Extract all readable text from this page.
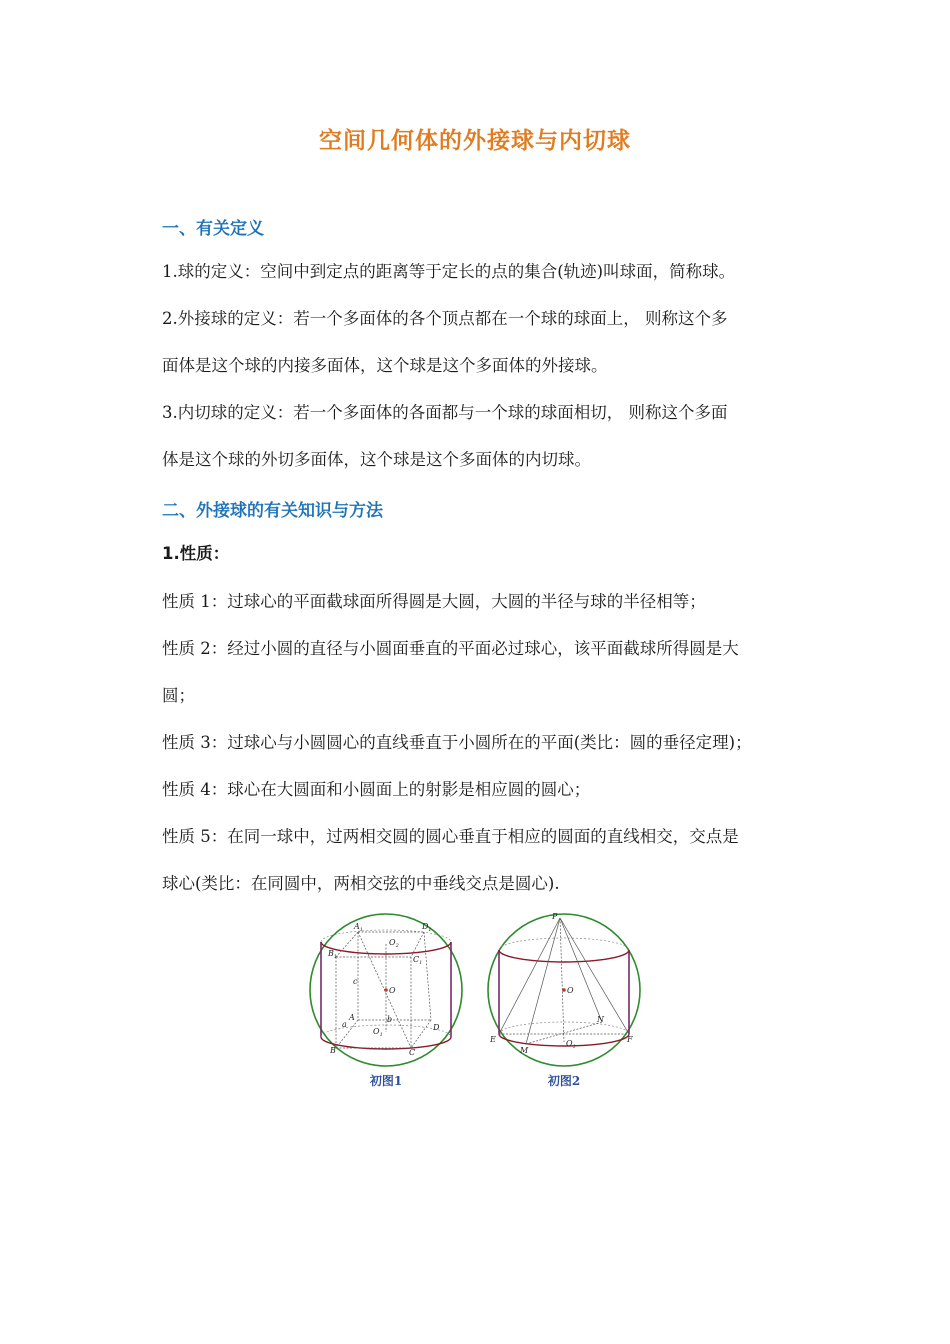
空间几何体的外接球与内切球
一、有关定义
1.球的定义：空间中到定点的距离等于定长的点的集合(轨迹)叫球面，简称球。
2.外接球的定义：若一个多面体的各个顶点都在一个球的球面上， 则称这个多
面体是这个球的内接多面体，这个球是这个多面体的外接球。
3.内切球的定义：若一个多面体的各面都与一个球的球面相切， 则称这个多面
体是这个球的外切多面体，这个球是这个多面体的内切球。
二、外接球的有关知识与方法
1.性质：
性质 1：过球心的平面截球面所得圆是大圆，大圆的半径与球的半径相等；
性质 2：经过小圆的直径与小圆面垂直的平面必过球心，该平面截球所得圆是大
圆；
性质 3：过球心与小圆圆心的直线垂直于小圆所在的平面(类比：圆的垂径定理)；
性质 4：球心在大圆面和小圆面上的射影是相应圆的圆心；
性质 5：在同一球中，过两相交圆的圆心垂直于相应的圆面的直线相交，交点是
球心(类比：在同圆中，两相交弦的中垂线交点是圆心).
$A_1$	$D_1$
$B_1$	$C_1$
$O_2$
O
c
A
D
$O_1$
a
b
B	C
初图1
P
O
N
E	F
M
$O_1$
初图2
